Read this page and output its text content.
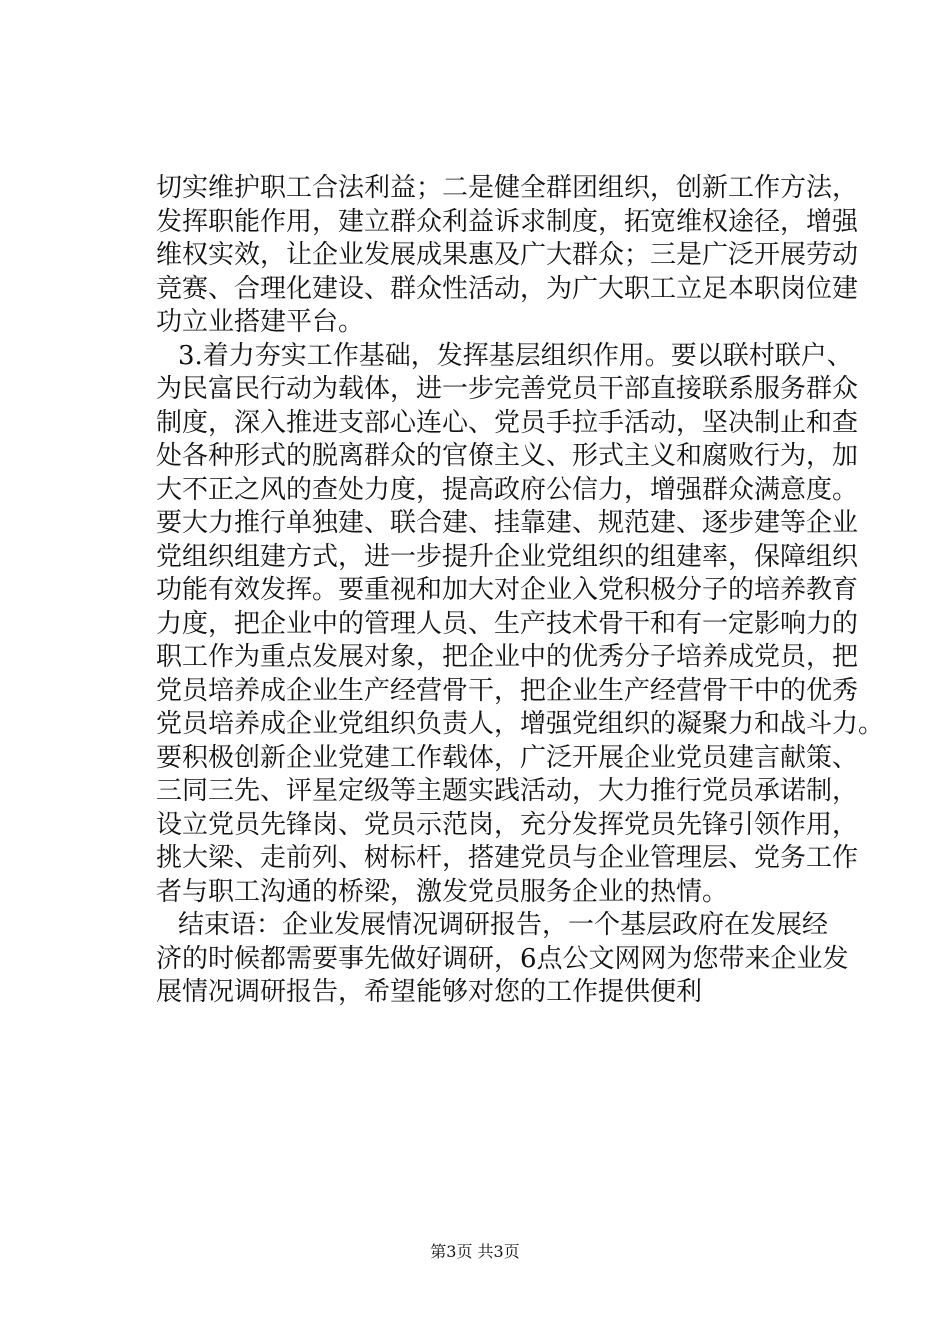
切实维护职工合法利益；二是健全群团组织，创新工作方法，
发挥职能作用，建立群众利益诉求制度，拓宽维权途径，增强
维权实效，让企业发展成果惠及广大群众；三是广泛开展劳动
竞赛、合理化建设、群众性活动，为广大职工立足本职岗位建
功立业搭建平台。
3.着力夯实工作基础，发挥基层组织作用。要以联村联户、
为民富民行动为载体，进一步完善党员干部直接联系服务群众
制度，深入推进支部心连心、党员手拉手活动，坚决制止和查
处各种形式的脱离群众的官僚主义、形式主义和腐败行为，加
大不正之风的查处力度，提高政府公信力，增强群众满意度。
要大力推行单独建、联合建、挂靠建、规范建、逐步建等企业
党组织组建方式，进一步提升企业党组织的组建率，保障组织
功能有效发挥。要重视和加大对企业入党积极分子的培养教育
力度，把企业中的管理人员、生产技术骨干和有一定影响力的
职工作为重点发展对象，把企业中的优秀分子培养成党员，把
党员培养成企业生产经营骨干，把企业生产经营骨干中的优秀
党员培养成企业党组织负责人，增强党组织的凝聚力和战斗力。
要积极创新企业党建工作载体，广泛开展企业党员建言献策、
三同三先、评星定级等主题实践活动，大力推行党员承诺制，
设立党员先锋岗、党员示范岗，充分发挥党员先锋引领作用，
挑大梁、走前列、树标杆，搭建党员与企业管理层、党务工作
者与职工沟通的桥梁，激发党员服务企业的热情。
结束语：企业发展情况调研报告，一个基层政府在发展经
济的时候都需要事先做好调研，6点公文网网为您带来企业发
展情况调研报告，希望能够对您的工作提供便利
第3页 共3页
